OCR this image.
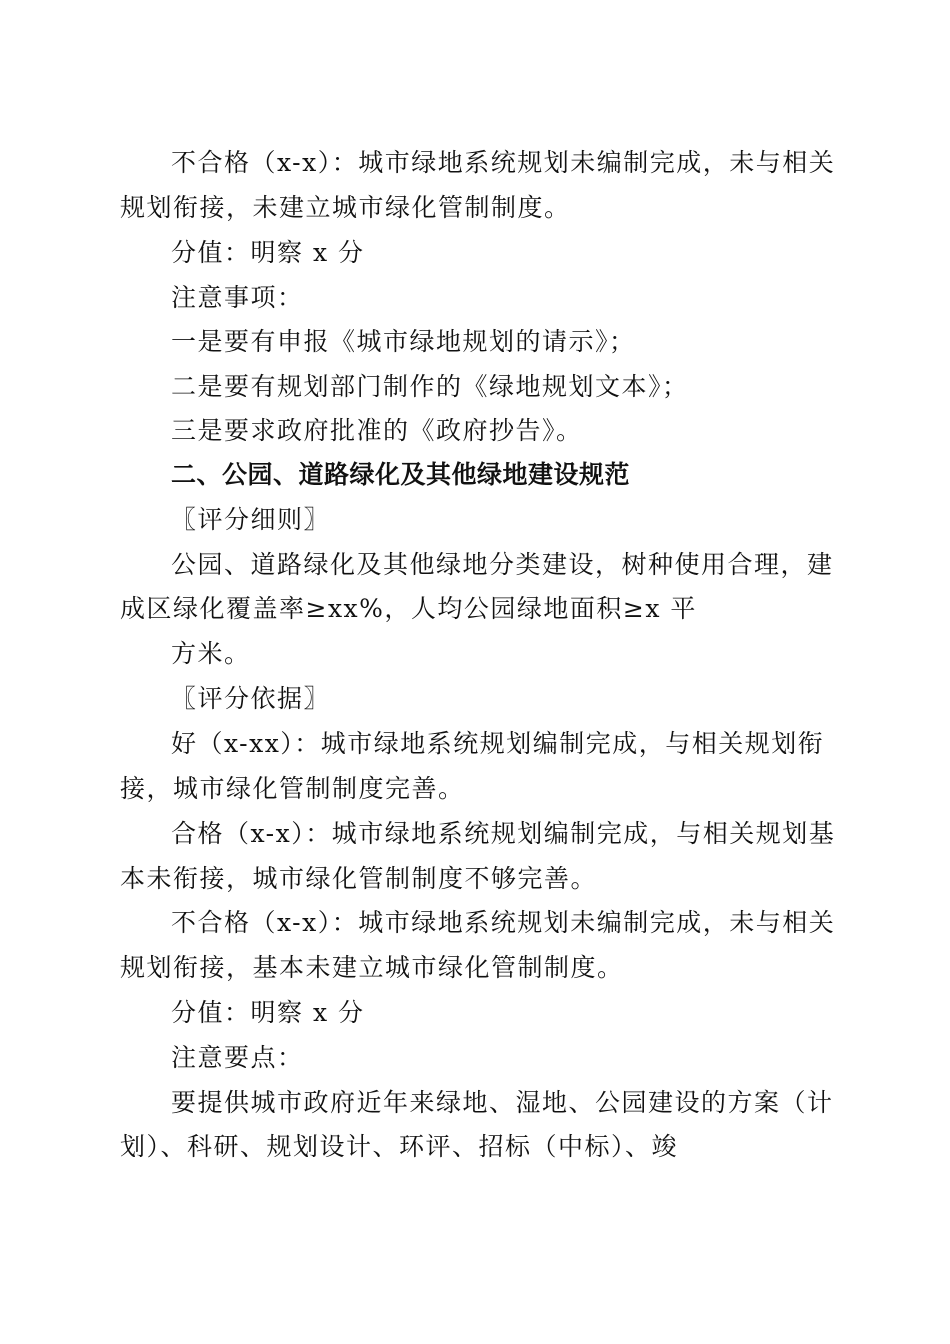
不合格（x-x）：城市绿地系统规划未编制完成，未与相关
规划衔接，未建立城市绿化管制制度。
分值：明察 x 分
注意事项：
一是要有申报《城市绿地规划的请示》；
二是要有规划部门制作的《绿地规划文本》；
三是要求政府批准的《政府抄告》。
二、公园、道路绿化及其他绿地建设规范
〖评分细则〗
公园、道路绿化及其他绿地分类建设，树种使用合理，建
成区绿化覆盖率≥xx%，人均公园绿地面积≥x 平
方米。
〖评分依据〗
好（x-xx）：城市绿地系统规划编制完成，与相关规划衔
接，城市绿化管制制度完善。
合格（x-x）：城市绿地系统规划编制完成，与相关规划基
本未衔接，城市绿化管制制度不够完善。
不合格（x-x）：城市绿地系统规划未编制完成，未与相关
规划衔接，基本未建立城市绿化管制制度。
分值：明察 x 分
注意要点：
要提供城市政府近年来绿地、湿地、公园建设的方案（计
划）、科研、规划设计、环评、招标（中标）、竣
